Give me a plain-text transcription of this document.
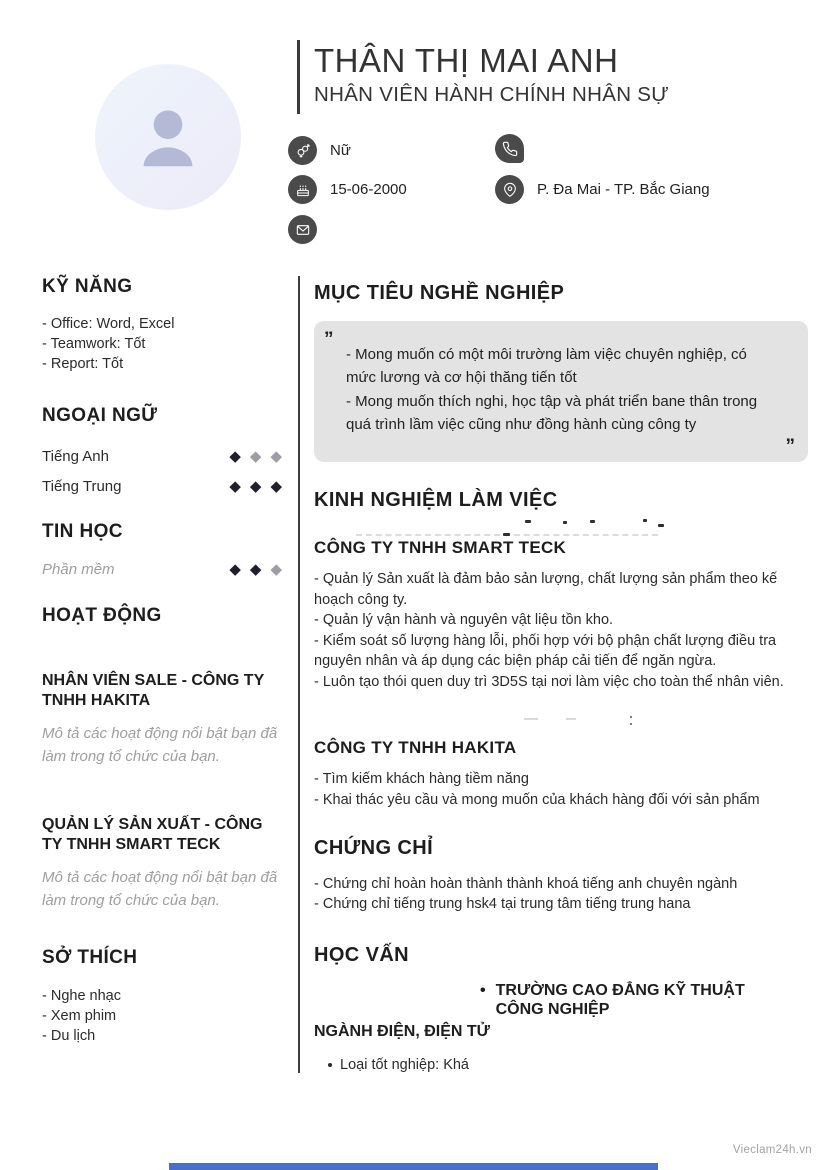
THÂN THỊ MAI ANH
NHÂN VIÊN HÀNH CHÍNH NHÂN SỰ
Nữ
15-06-2000	P. Đa Mai - TP. Bắc Giang
KỸ NĂNG
- Office: Word, Excel
- Teamwork: Tốt
- Report: Tốt
NGOẠI NGỮ
Tiếng Anh	◆ ◆ ◆
Tiếng Trung	◆ ◆ ◆
TIN HỌC
Phần mềm	◆ ◆ ◆
HOẠT ĐỘNG
NHÂN VIÊN SALE - CÔNG TY TNHH HAKITA
Mô tả các hoạt động nổi bật bạn đã làm trong tổ chức của bạn.
QUẢN LÝ SẢN XUẤT - CÔNG TY TNHH SMART TECK
Mô tả các hoạt động nổi bật bạn đã làm trong tổ chức của bạn.
SỞ THÍCH
- Nghe nhạc
- Xem phim
- Du lịch
MỤC TIÊU NGHỀ NGHIỆP
”
- Mong muốn có một môi trường làm việc chuyên nghiệp, có mức lương và cơ hội thăng tiến tốt
- Mong muốn thích nghi, học tập và phát triển bane thân trong quá trình lầm việc cũng như đồng hành cùng công ty
”
KINH NGHIỆM LÀM VIỆC
CÔNG TY TNHH SMART TECK
- Quản lý Sản xuất là đảm bảo sản lượng, chất lượng sản phẩm theo kế hoạch công ty.
- Quản lý vận hành và nguyên vật liệu tồn kho.
- Kiểm soát số lượng hàng lỗi, phối hợp với bộ phận chất lượng điều tra nguyên nhân và áp dụng các biện pháp cải tiến để ngăn ngừa.
- Luôn tạo thói quen duy trì 3D5S tại nơi làm việc cho toàn thể nhân viên.
CÔNG TY TNHH HAKITA
- Tìm kiếm khách hàng tiềm năng
- Khai thác yêu cầu và mong muốn của khách hàng đối với sản phẩm
CHỨNG CHỈ
- Chứng chỉ hoàn hoàn thành thành khoá tiếng anh chuyên ngành
- Chứng chỉ tiếng trung hsk4 tại trung tâm tiếng trung hana
HỌC VẤN
• TRƯỜNG CAO ĐẲNG KỸ THUẬT CÔNG NGHIỆP
NGÀNH ĐIỆN, ĐIỆN TỬ
Loại tốt nghiệp: Khá
Vieclam24h.vn
